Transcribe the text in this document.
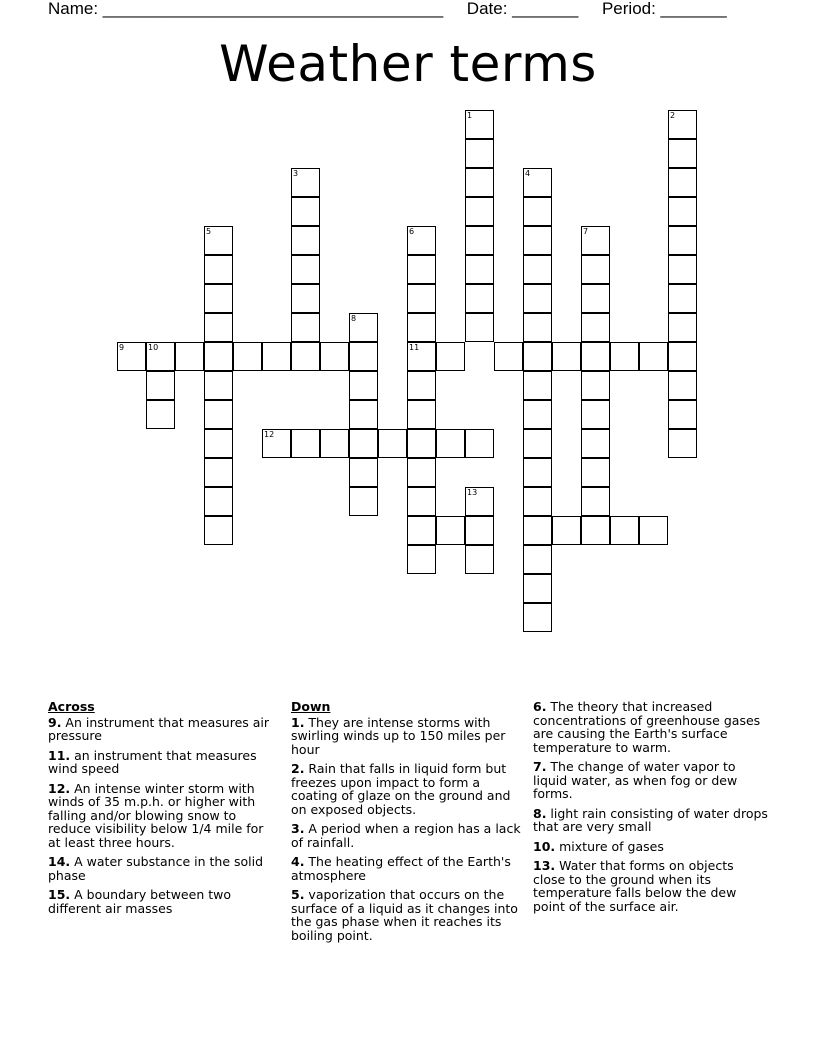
Name: ____________________________________ Date: _______ Period: _______
Weather terms
1	2
3	4
5	6	7
8
9	10	11
12
13
Across
9. An instrument that measures air pressure
11. an instrument that measures wind speed
12. An intense winter storm with winds of 35 m.p.h. or higher with falling and/or blowing snow to reduce visibility below 1/4 mile for at least three hours.
14. A water substance in the solid phase
15. A boundary between two different air masses
Down
1. They are intense storms with swirling winds up to 150 miles per hour
2. Rain that falls in liquid form but freezes upon impact to form a coating of glaze on the ground and on exposed objects.
3. A period when a region has a lack of rainfall.
4. The heating effect of the Earth's atmosphere
5. vaporization that occurs on the surface of a liquid as it changes into the gas phase when it reaches its boiling point.
6. The theory that increased concentrations of greenhouse gases are causing the Earth's surface temperature to warm.
7. The change of water vapor to liquid water, as when fog or dew forms.
8. light rain consisting of water drops that are very small
10. mixture of gases
13. Water that forms on objects close to the ground when its temperature falls below the dew point of the surface air.
